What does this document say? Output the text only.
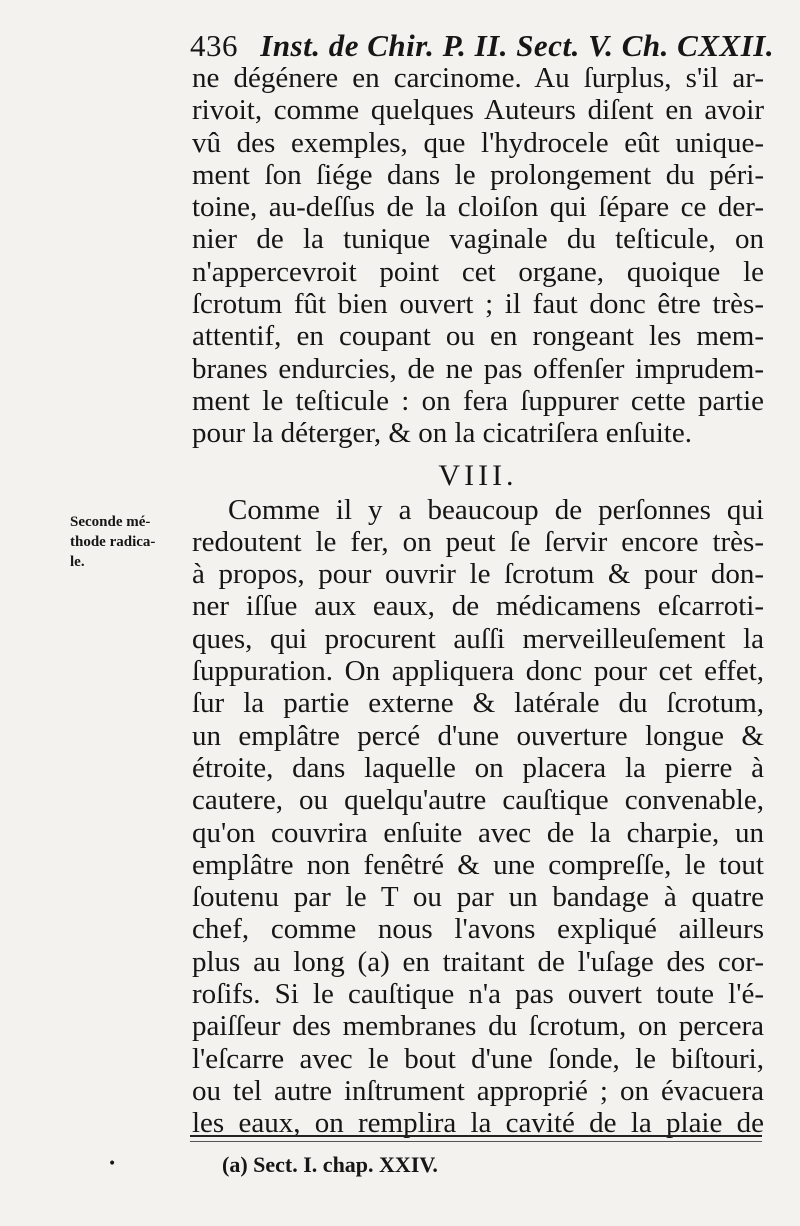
436 Inst. de Chir. P. II. Sect. V. Ch. CXXII.
Seconde mé-
thode radica-
le.
ne dégénere en carcinome. Au ſurplus, s'il ar-
rivoit, comme quelques Auteurs diſent en avoir
vû des exemples, que l'hydrocele eût unique-
ment ſon ſiége dans le prolongement du péri-
toine, au-deſſus de la cloiſon qui ſépare ce der-
nier de la tunique vaginale du teſticule, on
n'appercevroit point cet organe, quoique le
ſcrotum fût bien ouvert ; il faut donc être très-
attentif, en coupant ou en rongeant les mem-
branes endurcies, de ne pas offenſer imprudem-
ment le teſticule : on fera ſuppurer cette partie
pour la déterger, & on la cicatriſera enſuite.
VIII.
Comme il y a beaucoup de perſonnes qui
redoutent le fer, on peut ſe ſervir encore très-
à propos, pour ouvrir le ſcrotum & pour don-
ner iſſue aux eaux, de médicamens eſcarroti-
ques, qui procurent auſſi merveilleuſement la
ſuppuration. On appliquera donc pour cet effet,
ſur la partie externe & latérale du ſcrotum,
un emplâtre percé d'une ouverture longue &
étroite, dans laquelle on placera la pierre à
cautere, ou quelqu'autre cauſtique convenable,
qu'on couvrira enſuite avec de la charpie, un
emplâtre non fenêtré & une compreſſe, le tout
ſoutenu par le T ou par un bandage à quatre
chef, comme nous l'avons expliqué ailleurs
plus au long (a) en traitant de l'uſage des cor-
roſifs. Si le cauſtique n'a pas ouvert toute l'é-
paiſſeur des membranes du ſcrotum, on percera
l'eſcarre avec le bout d'une ſonde, le biſtouri,
ou tel autre inſtrument approprié ; on évacuera
les eaux, on remplira la cavité de la plaie de
•	(a) Sect. I. chap. XXIV.
